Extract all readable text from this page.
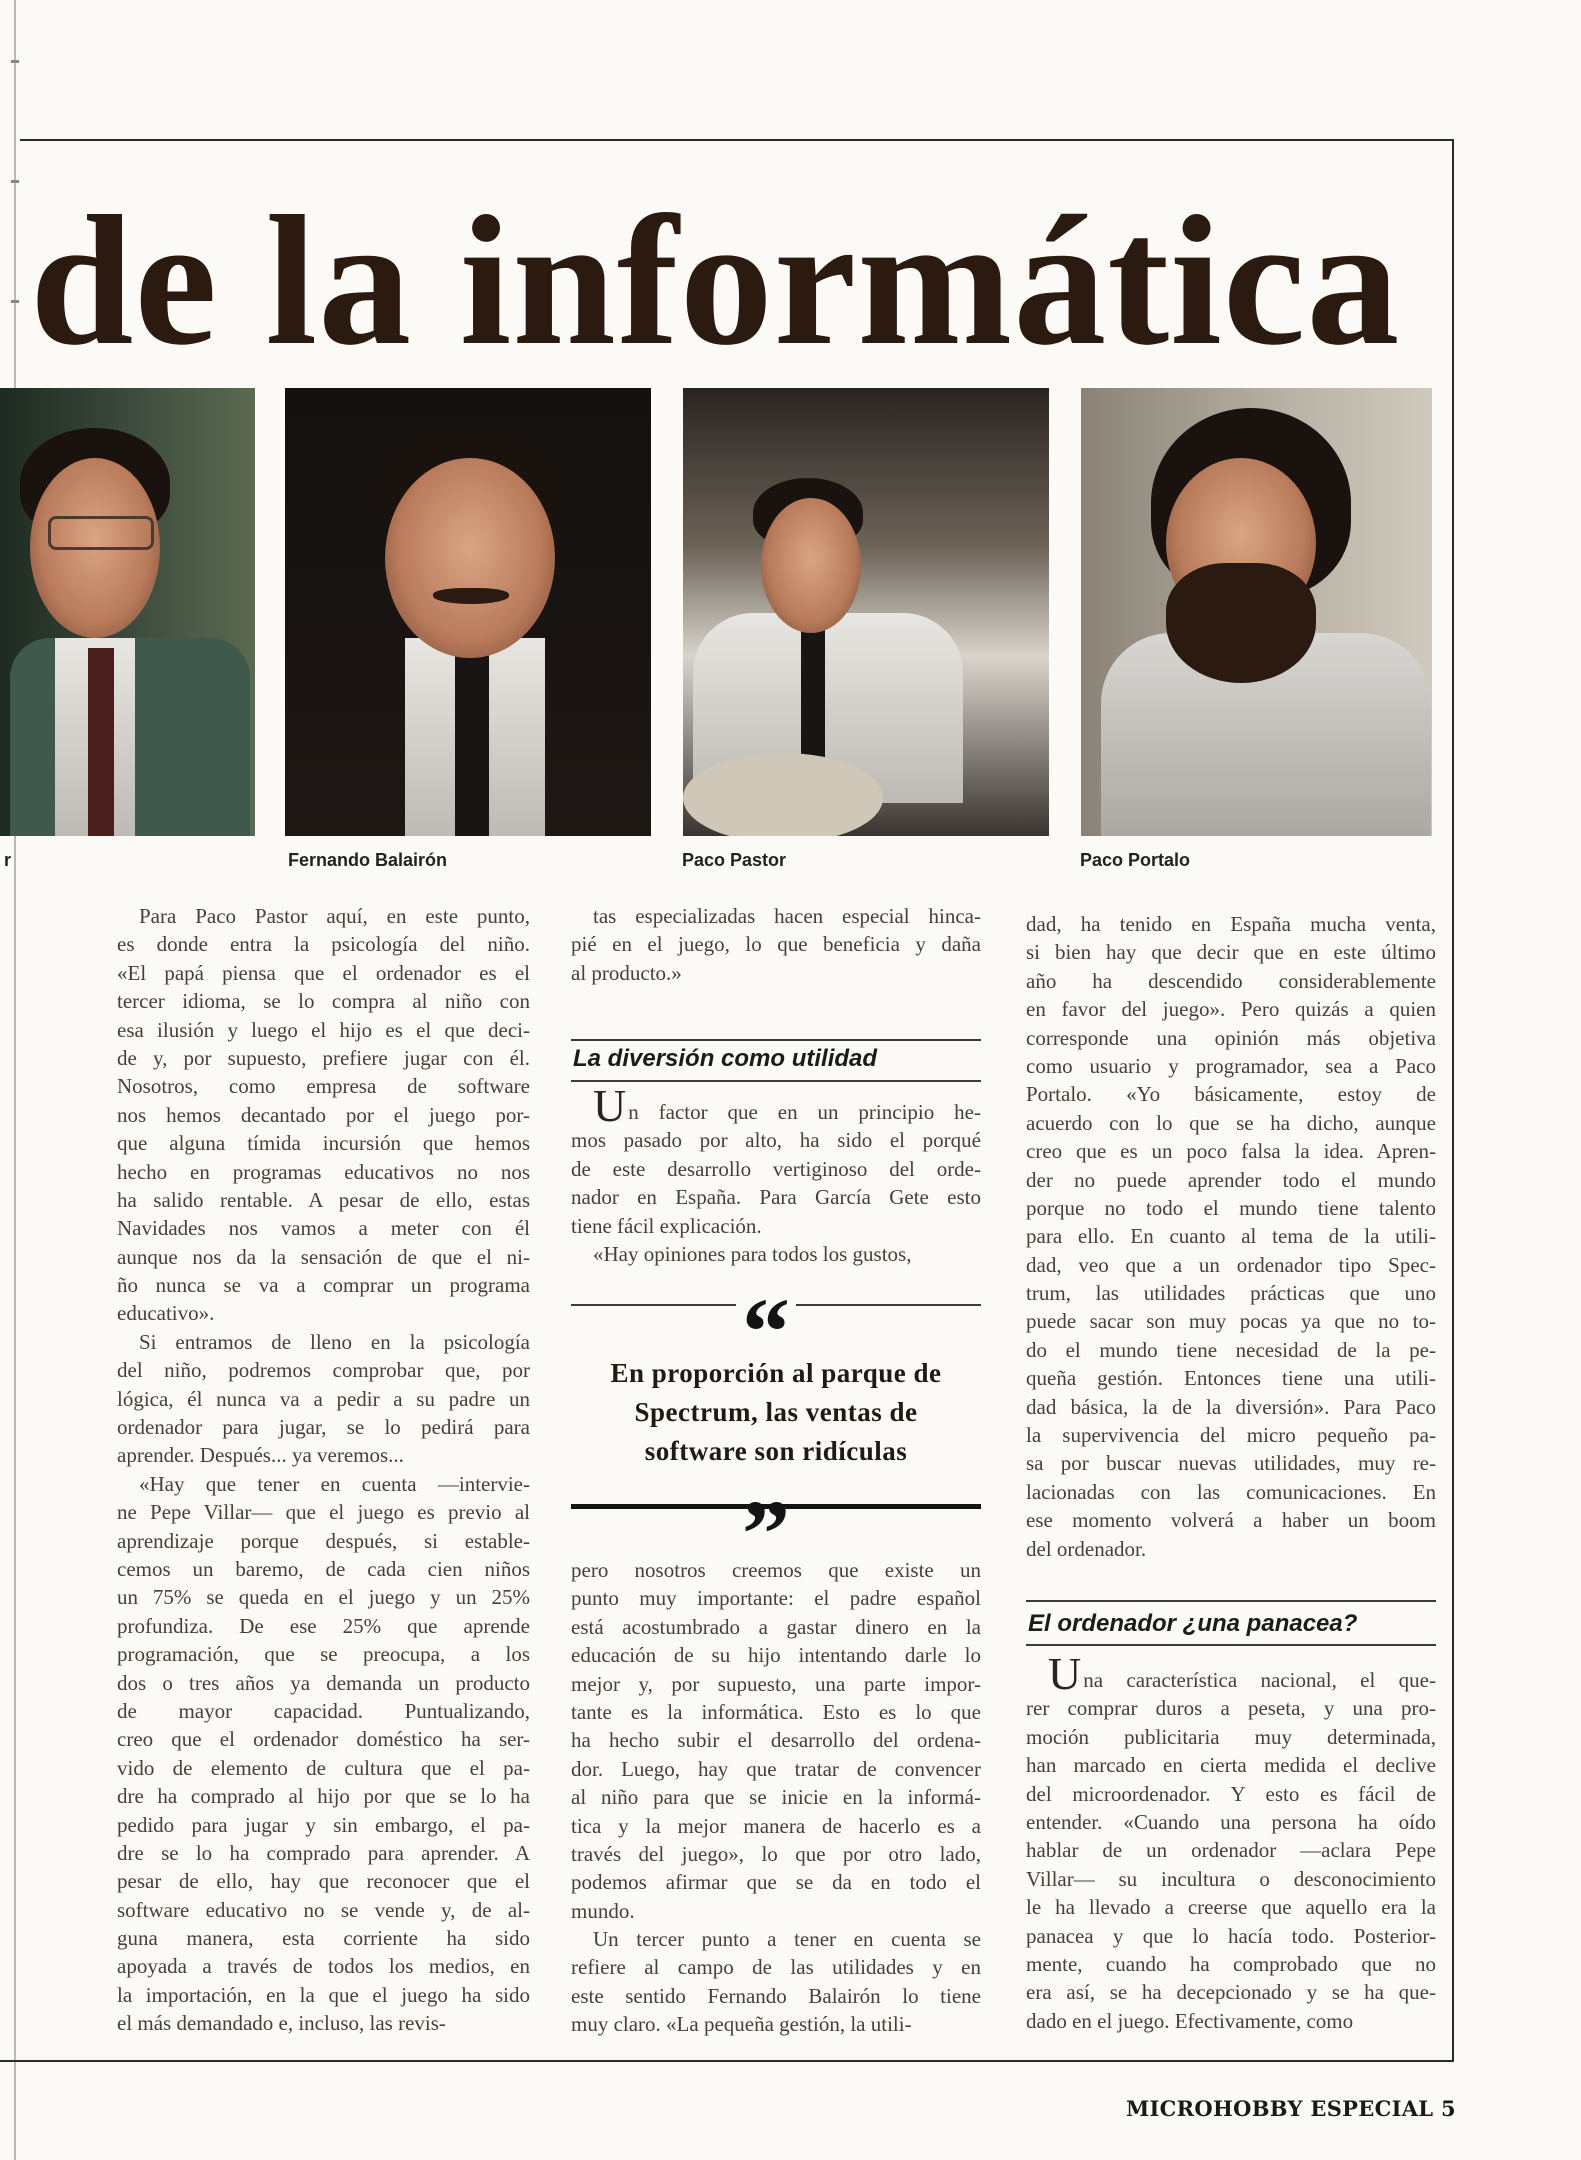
de la informática
r	Fernando Balairón	Paco Pastor	Paco Portalo
Para Paco Pastor aquí, en este punto,
es donde entra la psicología del niño.
«El papá piensa que el ordenador es el
tercer idioma, se lo compra al niño con
esa ilusión y luego el hijo es el que deci-
de y, por supuesto, prefiere jugar con él.
Nosotros, como empresa de software
nos hemos decantado por el juego por-
que alguna tímida incursión que hemos
hecho en programas educativos no nos
ha salido rentable. A pesar de ello, estas
Navidades nos vamos a meter con él
aunque nos da la sensación de que el ni-
ño nunca se va a comprar un programa
educativo».
Si entramos de lleno en la psicología
del niño, podremos comprobar que, por
lógica, él nunca va a pedir a su padre un
ordenador para jugar, se lo pedirá para
aprender. Después... ya veremos...
«Hay que tener en cuenta —intervie-
ne Pepe Villar— que el juego es previo al
aprendizaje porque después, si estable-
cemos un baremo, de cada cien niños
un 75% se queda en el juego y un 25%
profundiza. De ese 25% que aprende
programación, que se preocupa, a los
dos o tres años ya demanda un producto
de mayor capacidad. Puntualizando,
creo que el ordenador doméstico ha ser-
vido de elemento de cultura que el pa-
dre ha comprado al hijo por que se lo ha
pedido para jugar y sin embargo, el pa-
dre se lo ha comprado para aprender. A
pesar de ello, hay que reconocer que el
software educativo no se vende y, de al-
guna manera, esta corriente ha sido
apoyada a través de todos los medios, en
la importación, en la que el juego ha sido
el más demandado e, incluso, las revis-
tas especializadas hacen especial hinca-
pié en el juego, lo que beneficia y daña
al producto.»
La diversión como utilidad
Un factor que en un principio he-
mos pasado por alto, ha sido el porqué
de este desarrollo vertiginoso del orde-
nador en España. Para García Gete esto
tiene fácil explicación.
«Hay opiniones para todos los gustos,
“
En proporción al parque de
Spectrum, las ventas de
software son ridículas
”
pero nosotros creemos que existe un
punto muy importante: el padre español
está acostumbrado a gastar dinero en la
educación de su hijo intentando darle lo
mejor y, por supuesto, una parte impor-
tante es la informática. Esto es lo que
ha hecho subir el desarrollo del ordena-
dor. Luego, hay que tratar de convencer
al niño para que se inicie en la informá-
tica y la mejor manera de hacerlo es a
través del juego», lo que por otro lado,
podemos afirmar que se da en todo el
mundo.
Un tercer punto a tener en cuenta se
refiere al campo de las utilidades y en
este sentido Fernando Balairón lo tiene
muy claro. «La pequeña gestión, la utili-
dad, ha tenido en España mucha venta,
si bien hay que decir que en este último
año ha descendido considerablemente
en favor del juego». Pero quizás a quien
corresponde una opinión más objetiva
como usuario y programador, sea a Paco
Portalo. «Yo básicamente, estoy de
acuerdo con lo que se ha dicho, aunque
creo que es un poco falsa la idea. Apren-
der no puede aprender todo el mundo
porque no todo el mundo tiene talento
para ello. En cuanto al tema de la utili-
dad, veo que a un ordenador tipo Spec-
trum, las utilidades prácticas que uno
puede sacar son muy pocas ya que no to-
do el mundo tiene necesidad de la pe-
queña gestión. Entonces tiene una utili-
dad básica, la de la diversión». Para Paco
la supervivencia del micro pequeño pa-
sa por buscar nuevas utilidades, muy re-
lacionadas con las comunicaciones. En
ese momento volverá a haber un boom
del ordenador.
El ordenador ¿una panacea?
Una característica nacional, el que-
rer comprar duros a peseta, y una pro-
moción publicitaria muy determinada,
han marcado en cierta medida el declive
del microordenador. Y esto es fácil de
entender. «Cuando una persona ha oído
hablar de un ordenador —aclara Pepe
Villar— su incultura o desconocimiento
le ha llevado a creerse que aquello era la
panacea y que lo hacía todo. Posterior-
mente, cuando ha comprobado que no
era así, se ha decepcionado y se ha que-
dado en el juego. Efectivamente, como
MICROHOBBY ESPECIAL 5
